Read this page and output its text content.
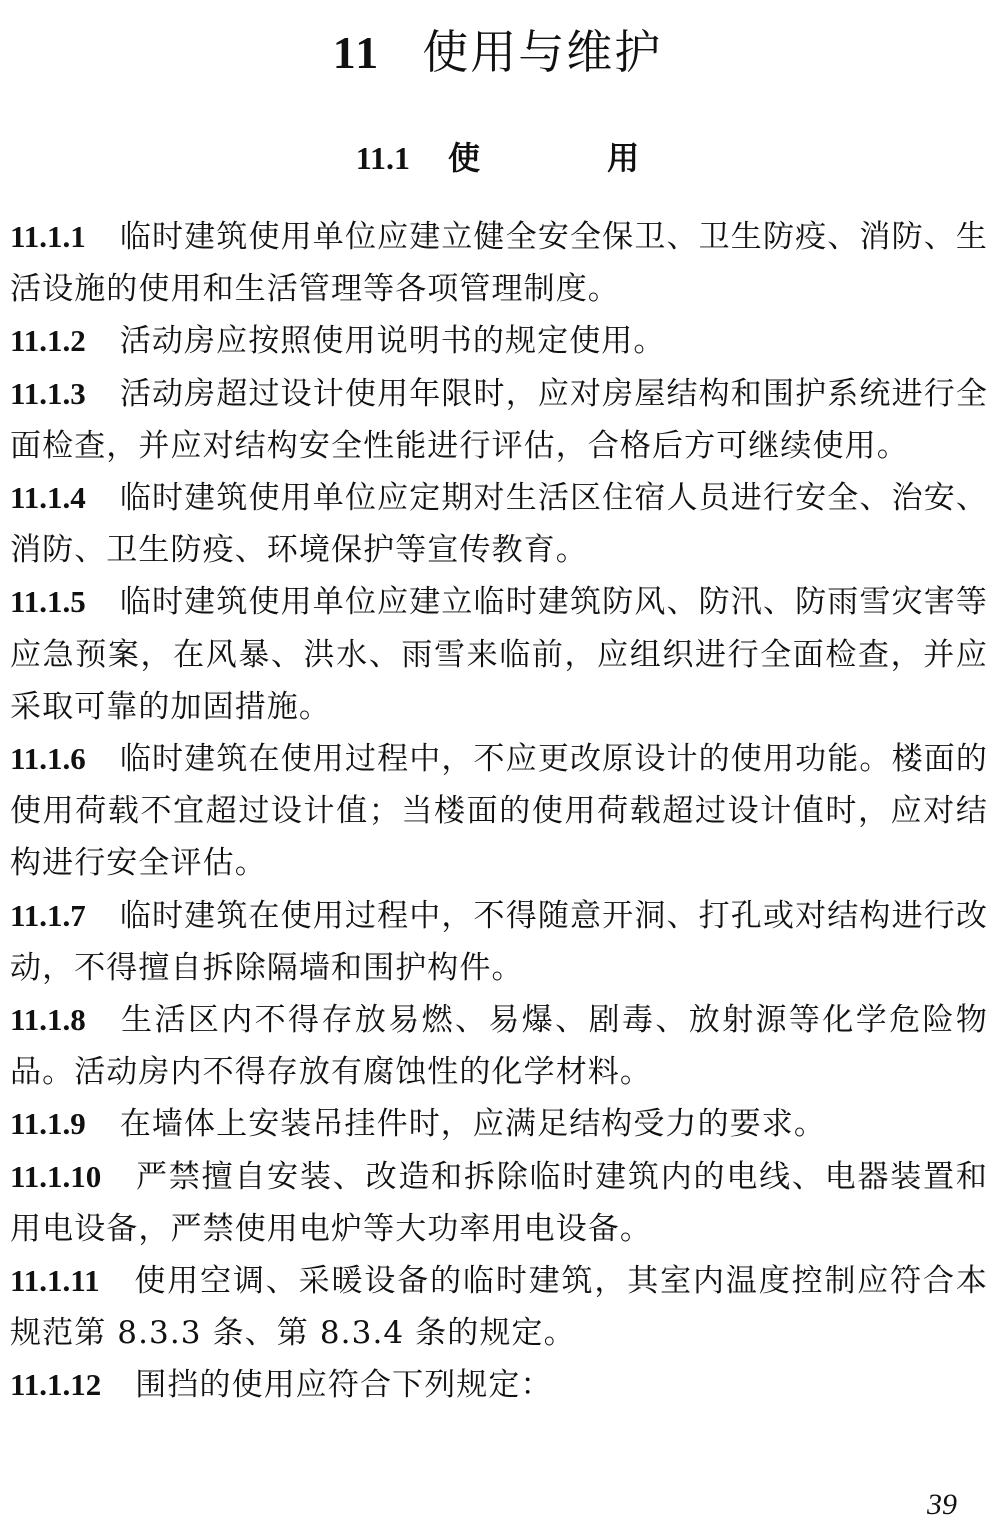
11 使用与维护
11.1 使 用

11.1.1 临时建筑使用单位应建立健全安全保卫、卫生防疫、消防、生活设施的使用和生活管理等各项管理制度。

11.1.2 活动房应按照使用说明书的规定使用。

11.1.3 活动房超过设计使用年限时，应对房屋结构和围护系统进行全面检查，并应对结构安全性能进行评估，合格后方可继续使用。

11.1.4 临时建筑使用单位应定期对生活区住宿人员进行安全、治安、消防、卫生防疫、环境保护等宣传教育。

11.1.5 临时建筑使用单位应建立临时建筑防风、防汛、防雨雪灾害等应急预案，在风暴、洪水、雨雪来临前，应组织进行全面检查，并应采取可靠的加固措施。

11.1.6 临时建筑在使用过程中，不应更改原设计的使用功能。楼面的使用荷载不宜超过设计值；当楼面的使用荷载超过设计值时，应对结构进行安全评估。

11.1.7 临时建筑在使用过程中，不得随意开洞、打孔或对结构进行改动，不得擅自拆除隔墙和围护构件。

11.1.8 生活区内不得存放易燃、易爆、剧毒、放射源等化学危险物品。活动房内不得存放有腐蚀性的化学材料。

11.1.9 在墙体上安装吊挂件时，应满足结构受力的要求。

11.1.10 严禁擅自安装、改造和拆除临时建筑内的电线、电器装置和用电设备，严禁使用电炉等大功率用电设备。

11.1.11 使用空调、采暖设备的临时建筑，其室内温度控制应符合本规范第 8.3.3 条、第 8.3.4 条的规定。

11.1.12 围挡的使用应符合下列规定：

39
